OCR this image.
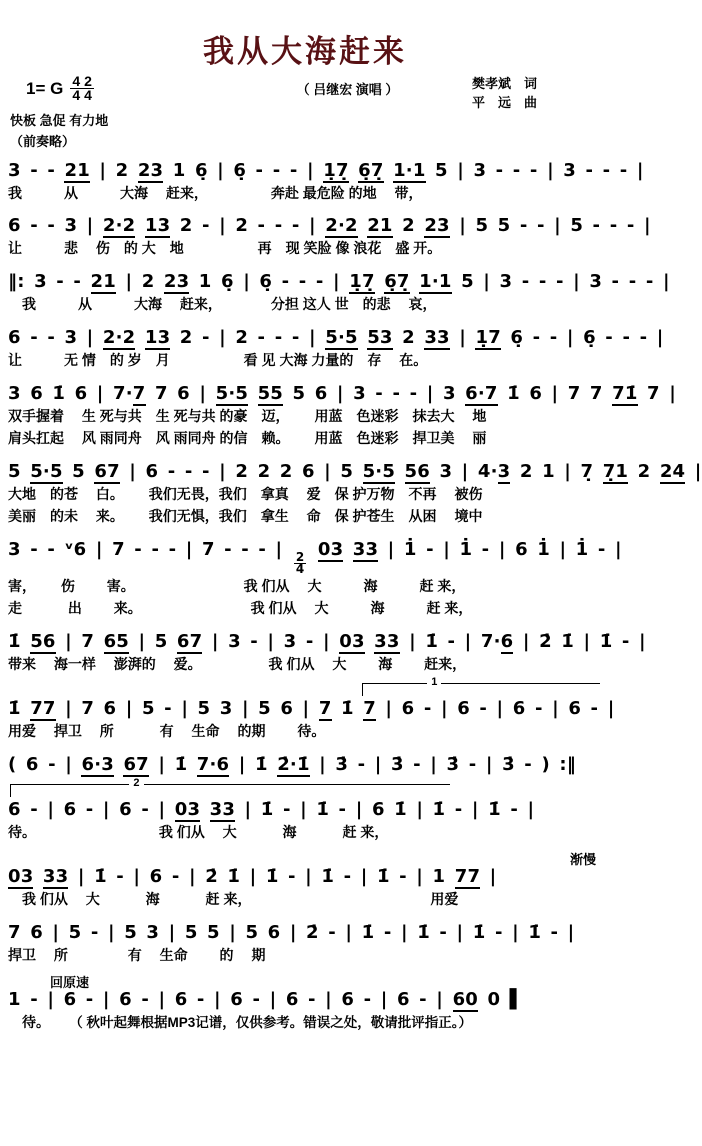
我从大海赶来
1= G $\frac{4}{4} \frac{2}{4}$
快板 急促 有力地
（前奏略）
（ 吕继宏 演唱 ）	樊孝斌　词
平　远　曲
3 - - 21 | 2 23 1 6̣ | 6̣ - - - | 1̣7̣ 6̣7̣ 1·1 5 | 3 - - - | 3 - - - |
我　　　从　　　大海　 赶来，　　　　　奔赴 最危险 的地　 带，
6 - - 3 | 2·2 13 2 - | 2 - - - | 2·2 21 2 23 | 5 5 - - | 5 - - - |
让　　　悲　 伤　的 大　地　　　　　 再　现 笑脸 像 浪花　盛 开。
‖: 3 - - 21 | 2 23 1 6̣ | 6̣ - - - | 1̣7̣ 6̣7̣ 1·1 5 | 3 - - - | 3 - - - |
　我　　　从　　　大海　 赶来，　　　　分担 这人 世　的悲　 哀，
6 - - 3 | 2·2 13 2 - | 2 - - - | 5·5 53 2 33 | 1̣7 6̣ - - | 6̣ - - - |
让　　　无 情　的 岁　月　　　　　 看 见 大海 力量的　存　 在。
3 6 1̇ 6 | 7·7 7 6 | 5·5 55 5 6 | 3 - - - | 3 6·7 1̇ 6 | 7 7 71̇ 7 |
双手握着　 生 死与共　生 死与共 的豪　迈，　　 用蓝　色迷彩　抹去大　 地
肩头扛起　 风 雨同舟　风 雨同舟 的信　赖。　　 用蓝　色迷彩　捍卫美　 丽
5 5·5 5 67 | 6 - - - | 2 2 2 6 | 5 5·5 56 3 | 4·3 2 1 | 7̣ 7̣1 2 24 |
大地　的苍　 白。　　 我们无畏，我们　拿真　 爱　保 护万物　不再　 被伤
美丽　的未　 来。　　 我们无惧，我们　拿生　 命　保 护苍生　从困　 境中
3 - - ᵛ6 | 7 - - - | 7 - - - |
$\frac{2}{4}$
03 33 | 1̇ - | 1̇ - | 6 1̇ | 1̇ - |
害，　　 伤　　 害。　　　　　　　　 我 们从　 大　　　海　　　赶 来，
走　　　 出　　 来。　　　　　　　　 我 们从　 大　　　海　　　赶 来，
1̇ 56 | 7 65 | 5 67 | 3 - | 3 - | 03 33 | 1̇ - | 7·6 | 2̇ 1̇ | 1̇ - |
带来　 海一样　 澎湃的　 爱。　　　　　 我 们从　 大　　 海　　 赶来，
1
1̇ 77 | 7 6 | 5 - | 5 3 | 5 6 | 7 1̇ 7 | 6 - | 6 - | 6 - | 6 - |
用爱　 捍卫　 所　　　 有　 生命　 的期　　 待。
( 6 - | 6·3 67 | 1̇ 7·6 | 1̇ 2̇·1̇ | 3̇ - | 3̇ - | 3̇ - | 3̇ - ) :‖
2
6 - | 6 - | 6 - | 03 33 | 1̇ - | 1̇ - | 6 1̇ | 1̇ - | 1̇ - |
待。　　　　　　　　　 我 们从　 大　　　 海　　　 赶 来，
渐慢
03 33 | 1̇ - | 6 - | 2̇ 1̇ | 1̇ - | 1̇ - | 1̇ - | 1 77 |
　我 们从　 大　　　 海　　　 赶 来，　　　　　　　　　　　　　 用爱
7 6 | 5 - | 5 3 | 5 5 | 5 6 | 2̇ - | 1̇ - | 1̇ - | 1̇ - | 1̇ - |
捍卫　 所　　　　 有　 生命　　 的　 期
回原速
1 - | 6 - | 6 - | 6 - | 6 - | 6 - | 6 - | 6 - | 60 0 ▌
　待。 （ 秋叶起舞根据MP3记谱，仅供参考。错误之处，敬请批评指正。）
